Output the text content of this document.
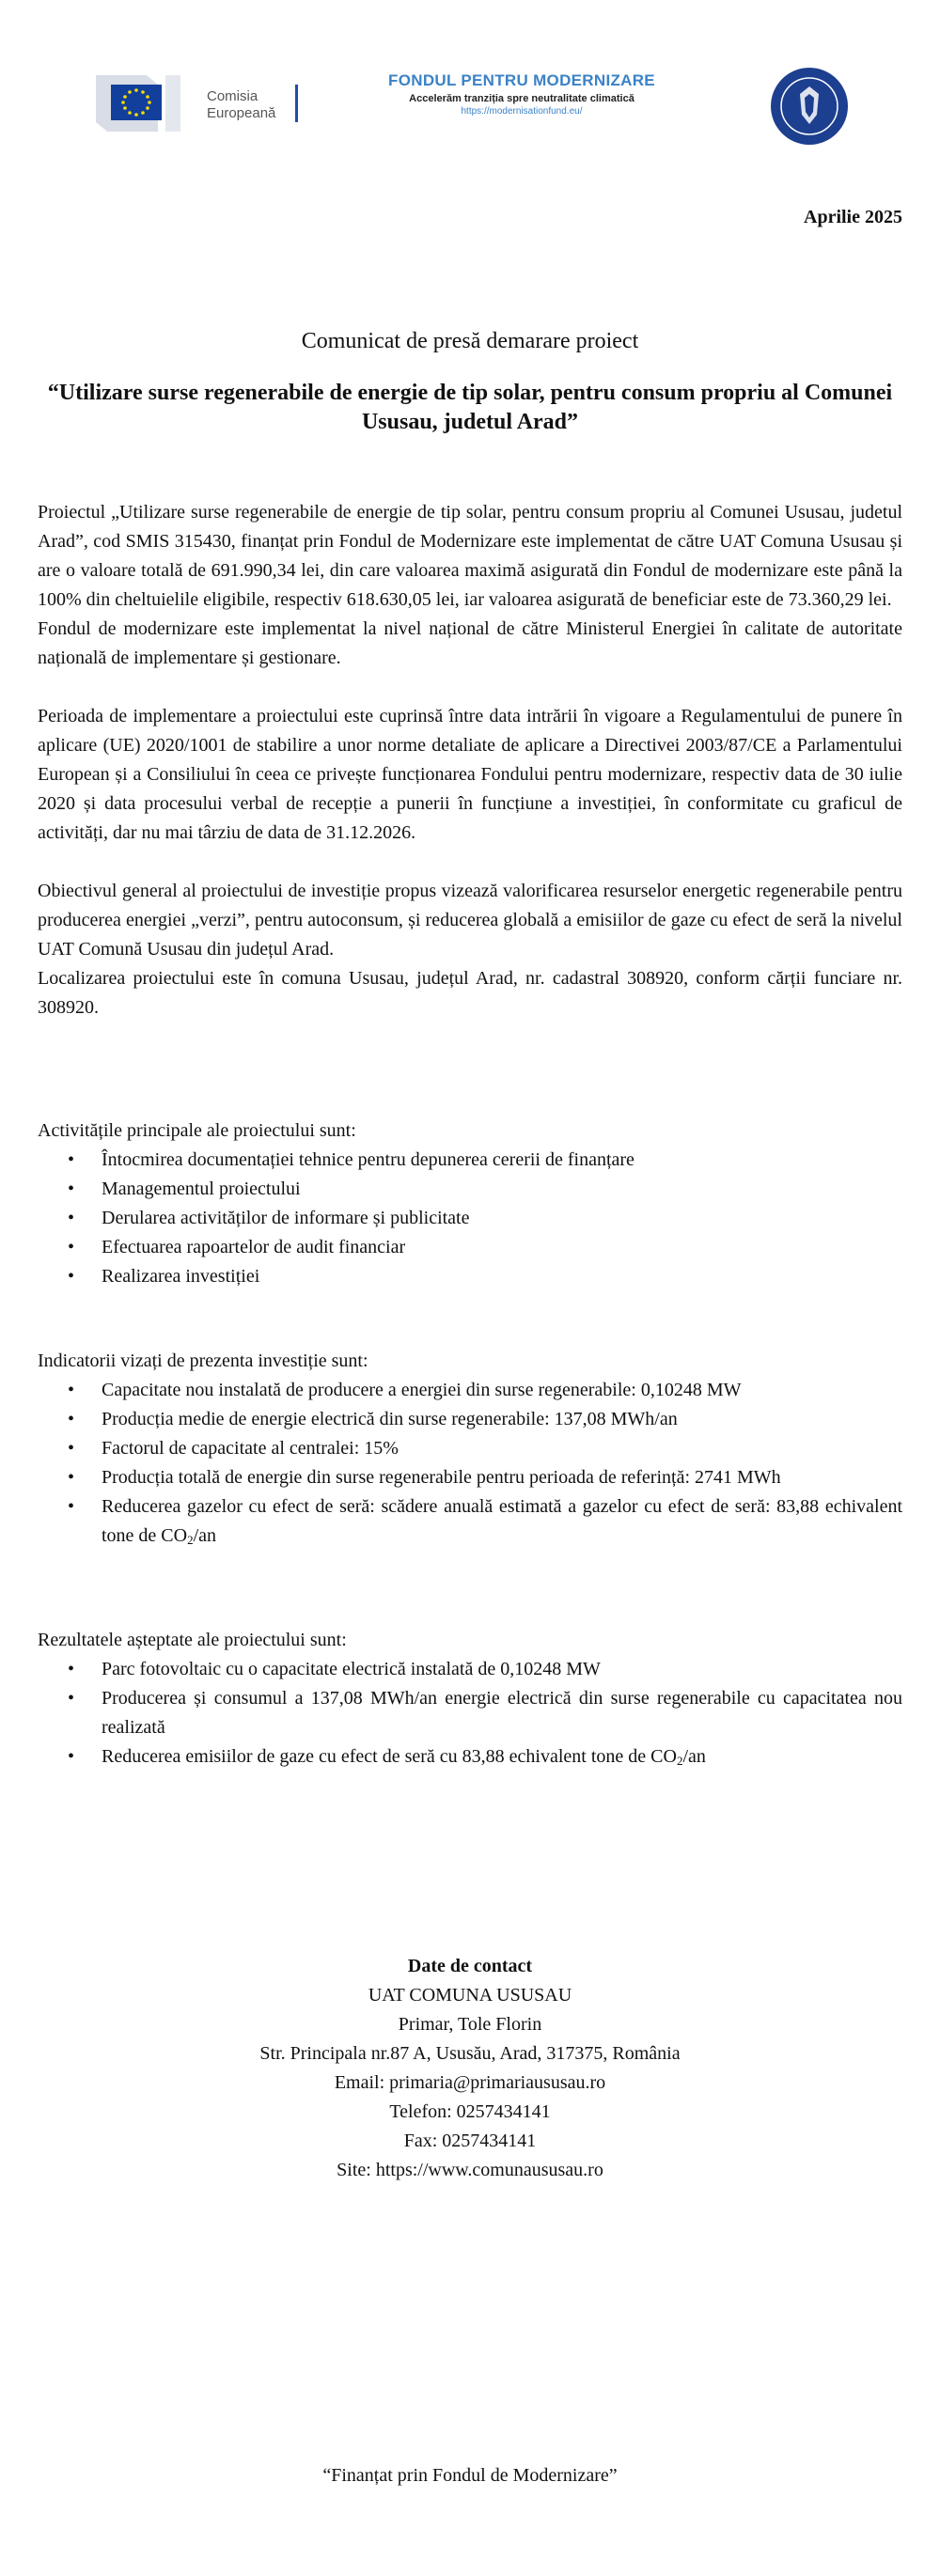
Comisia
Europeană
FONDUL PENTRU MODERNIZARE
Accelerăm tranziția spre neutralitate climatică
https://modernisationfund.eu/
Aprilie 2025
Comunicat de presă demarare proiect
“Utilizare surse regenerabile de energie de tip solar, pentru consum propriu al Comunei Ususau, judetul Arad”

Proiectul „Utilizare surse regenerabile de energie de tip solar, pentru consum propriu al Comunei Ususau, judetul Arad”, cod SMIS 315430, finanțat prin Fondul de Modernizare este implementat de către UAT Comuna Ususau și are o valoare totală de 691.990,34 lei, din care valoarea maximă asigurată din Fondul de modernizare este până la 100% din cheltuielile eligibile, respectiv 618.630,05 lei, iar valoarea asigurată de beneficiar este de 73.360,29 lei.

Fondul de modernizare este implementat la nivel național de către Ministerul Energiei în calitate de autoritate națională de implementare și gestionare.

Perioada de implementare a proiectului este cuprinsă între data intrării în vigoare a Regulamentului de punere în aplicare (UE) 2020/1001 de stabilire a unor norme detaliate de aplicare a Directivei 2003/87/CE a Parlamentului European și a Consiliului în ceea ce privește funcționarea Fondului pentru modernizare, respectiv data de 30 iulie 2020 și data procesului verbal de recepție a punerii în funcțiune a investiției, în conformitate cu graficul de activități, dar nu mai târziu de data de 31.12.2026.

Obiectivul general al proiectului de investiție propus vizează valorificarea resurselor energetic regenerabile pentru producerea energiei „verzi”, pentru autoconsum, și reducerea globală a emisiilor de gaze cu efect de seră la nivelul UAT Comună Ususau din județul Arad.

Localizarea proiectului este în comuna Ususau, județul Arad, nr. cadastral 308920, conform cărții funciare nr. 308920.

Activitățile principale ale proiectului sunt:

• Întocmirea documentației tehnice pentru depunerea cererii de finanțare
• Managementul proiectului
• Derularea activităților de informare și publicitate
• Efectuarea rapoartelor de audit financiar
• Realizarea investiției

Indicatorii vizați de prezenta investiție sunt:

• Capacitate nou instalată de producere a energiei din surse regenerabile: 0,10248 MW
• Producția medie de energie electrică din surse regenerabile: 137,08 MWh/an
• Factorul de capacitate al centralei: 15%
• Producția totală de energie din surse regenerabile pentru perioada de referință: 2741 MWh
• Reducerea gazelor cu efect de seră: scădere anuală estimată a gazelor cu efect de seră: 83,88 echivalent tone de $CO_2/an$

Rezultatele așteptate ale proiectului sunt:

• Parc fotovoltaic cu o capacitate electrică instalată de 0,10248 MW
• Producerea și consumul a 137,08 MWh/an energie electrică din surse regenerabile cu capacitatea nou realizată
• Reducerea emisiilor de gaze cu efect de seră cu 83,88 echivalent tone de $CO_2/an$
Date de contact
UAT COMUNA USUSAU
Primar, Tole Florin
Str. Principala nr.87 A, Ususău, Arad, 317375, România
Email: primaria@primariaususau.ro
Telefon: 0257434141
Fax: 0257434141
Site: https://www.comunaususau.ro
“Finanțat prin Fondul de Modernizare”
